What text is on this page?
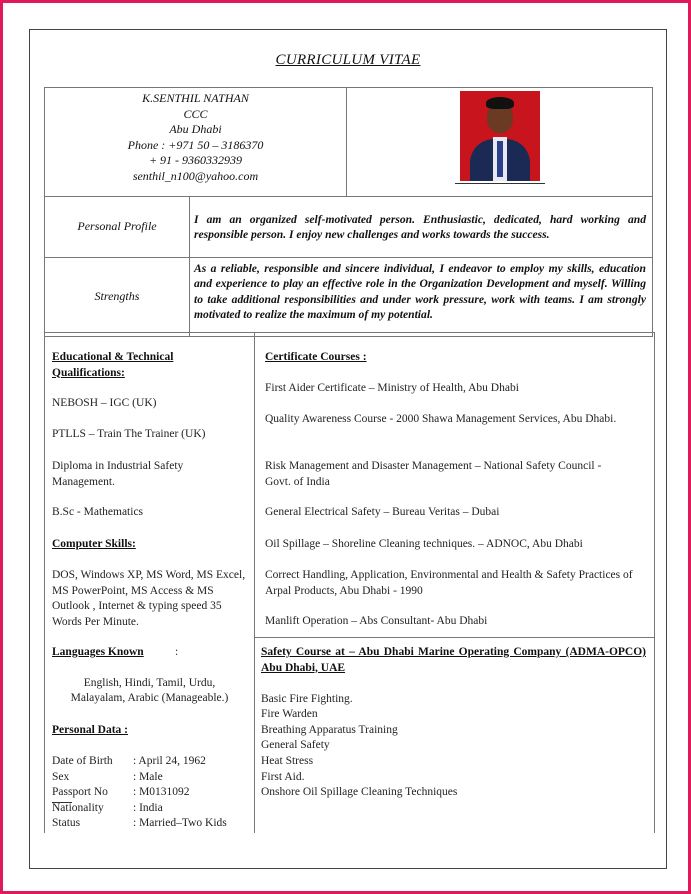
CURRICULUM VITAE
K.SENTHIL NATHAN
CCC
Abu Dhabi
Phone : +971 50 – 3186370
+ 91 - 9360332939
senthil_n100@yahoo.com

Personal Profile	I am an organized self-motivated person. Enthusiastic, dedicated, hard working and responsible person. I enjoy new challenges and works towards the success.
Strengths	As a reliable, responsible and sincere individual, I endeavor to employ my skills, education and experience to play an effective role in the Organization Development and myself. Willing to take additional responsibilities and under work pressure, work with teams. I am strongly motivated to realize the maximum of my potential.
Educational & Technical Qualifications:
NEBOSH – IGC (UK)
PTLLS – Train The Trainer (UK)
Diploma in Industrial Safety Management.
B.Sc - Mathematics
Computer Skills:
DOS, Windows XP, MS Word, MS Excel, MS PowerPoint, MS Access & MS Outlook , Internet & typing speed 35 Words Per Minute.
Languages Known	:
English, Hindi, Tamil, Urdu,
Malayalam, Arabic (Manageable.)
Personal Data :
Date of Birth : April 24, 1962
Sex	: Male
Passport No : M0131092
Nationality	: India
Status	: Married–Two Kids
Certificate Courses :
First Aider Certificate – Ministry of Health, Abu Dhabi
Quality Awareness Course - 2000 Shawa Management Services, Abu Dhabi.
Risk Management and Disaster Management – National Safety Council - Govt. of India
General Electrical Safety – Bureau Veritas – Dubai
Oil Spillage – Shoreline Cleaning techniques. – ADNOC, Abu Dhabi
Correct Handling, Application, Environmental and Health & Safety Practices of Arpal Products, Abu Dhabi - 1990
Manlift Operation – Abs Consultant- Abu Dhabi
Safety Course at – Abu Dhabi Marine Operating Company (ADMA-OPCO) Abu Dhabi, UAE
Basic Fire Fighting.
Fire Warden
Breathing Apparatus Training
General Safety
Heat Stress
First Aid.
Onshore Oil Spillage Cleaning Techniques
